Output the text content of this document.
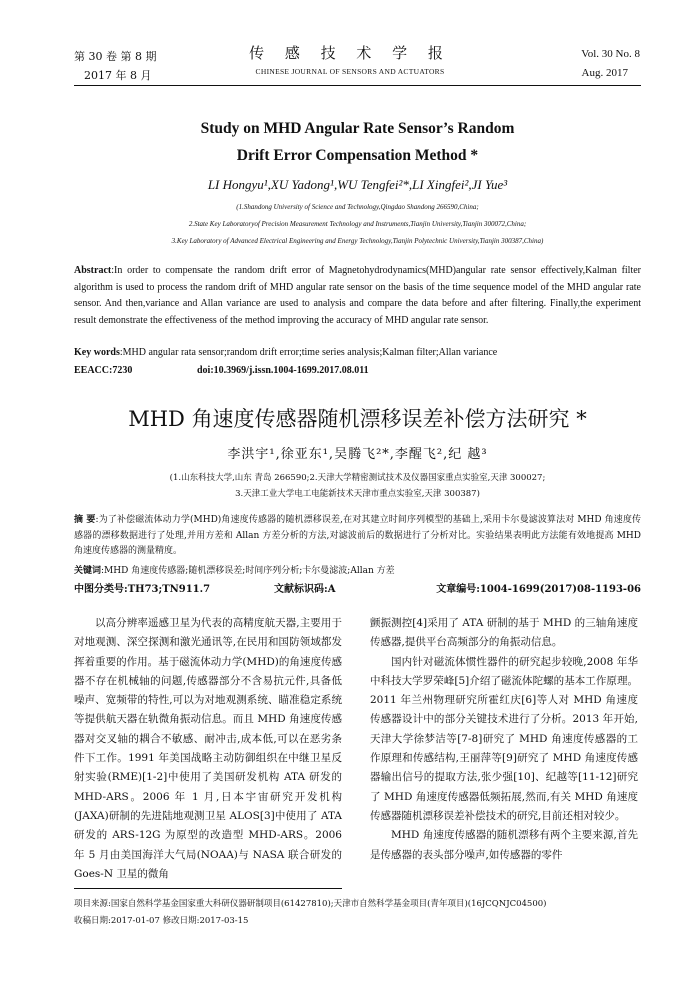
第 30 卷 第 8 期
2017 年 8 月
传 感 技 术 学 报
CHINESE JOURNAL OF SENSORS AND ACTUATORS
Vol. 30 No. 8
Aug. 2017
Study on MHD Angular Rate Sensor’s Random
Drift Error Compensation Method *
LI Hongyu¹,XU Yadong¹,WU Tengfei²*,LI Xingfei²,JI Yue³
(1.Shandong University of Science and Technology,Qingdao Shandong 266590,China;
2.State Key Laboratoryof Precision Measurement Technology and Instruments,Tianjin University,Tianjin 300072,China;
3.Key Laboratory of Advanced Electrical Engineering and Energy Technology,Tianjin Polytechnic University,Tianjin 300387,China)
Abstract:In order to compensate the random drift error of Magnetohydrodynamics(MHD)angular rate sensor effectively,Kalman filter algorithm is used to process the random drift of MHD angular rate sensor on the basis of the time sequence model of the MHD angular rate sensor. And then,variance and Allan variance are used to analysis and compare the data before and after filtering. Finally,the experiment result demonstrate the effectiveness of the method improving the accuracy of MHD angular rate sensor.
Key words:MHD angular rata sensor;random drift error;time series analysis;Kalman filter;Allan variance
EEACC:7230	doi:10.3969/j.issn.1004-1699.2017.08.011
MHD 角速度传感器随机漂移误差补偿方法研究 *
李洪宇¹,徐亚东¹,吴腾飞²*,李醒飞²,纪 越³
(1.山东科技大学,山东 青岛 266590;2.天津大学精密测试技术及仪器国家重点实验室,天津 300027;
3.天津工业大学电工电能新技术天津市重点实验室,天津 300387)
摘 要:为了补偿磁流体动力学(MHD)角速度传感器的随机漂移误差,在对其建立时间序列模型的基础上,采用卡尔曼滤波算法对 MHD 角速度传感器的漂移数据进行了处理,并用方差和 Allan 方差分析的方法,对滤波前后的数据进行了分析对比。实验结果表明此方法能有效地提高 MHD 角速度传感器的测量精度。
关键词:MHD 角速度传感器;随机漂移误差;时间序列分析;卡尔曼滤波;Allan 方差
中图分类号:TH73;TN911.7	文献标识码:A	文章编号:1004-1699(2017)08-1193-06

以高分辨率遥感卫星为代表的高精度航天器,主要用于对地观测、深空探测和激光通讯等,在民用和国防领域都发挥着重要的作用。基于磁流体动力学(MHD)的角速度传感器不存在机械轴的问题,传感器部分不含易抗元件,具备低噪声、宽频带的特性,可以为对地观测系统、瞄准稳定系统等提供航天器在轨微角振动信息。而且 MHD 角速度传感器对交叉轴的耦合不敏感、耐冲击,成本低,可以在恶劣条件下工作。1991 年美国战略主动防御组织在中继卫星反射实验(RME)[1-2]中使用了美国研发机构 ATA 研发的 MHD-ARS。2006 年 1 月,日本宇宙研究开发机构(JAXA)研制的先进陆地观测卫星 ALOS[3]中使用了 ATA 研发的 ARS-12G 为原型的改造型 MHD-ARS。2006 年 5 月由美国海洋大气局(NOAA)与 NASA 联合研发的 Goes-N 卫星的微角

颤振测控[4]采用了 ATA 研制的基于 MHD 的三轴角速度传感器,提供平台高频部分的角振动信息。

国内针对磁流体惯性器件的研究起步较晚,2008 年华中科技大学罗荣峰[5]介绍了磁流体陀螺的基本工作原理。2011 年兰州物理研究所霍红庆[6]等人对 MHD 角速度传感器设计中的部分关键技术进行了分析。2013 年开始,天津大学徐梦洁等[7-8]研究了 MHD 角速度传感器的工作原理和传感结构,王丽萍等[9]研究了 MHD 角速度传感器输出信号的提取方法,张少强[10]、纪越等[11-12]研究了 MHD 角速度传感器低频拓展,然而,有关 MHD 角速度传感器随机漂移误差补偿技术的研究,目前还相对较少。

MHD 角速度传感器的随机漂移有两个主要来源,首先是传感器的表头部分噪声,如传感器的零件

项目来源:国家自然科学基金国家重大科研仪器研制项目(61427810);天津市自然科学基金项目(青年项目)(16JCQNJC04500)
收稿日期:2017-01-07 修改日期:2017-03-15
